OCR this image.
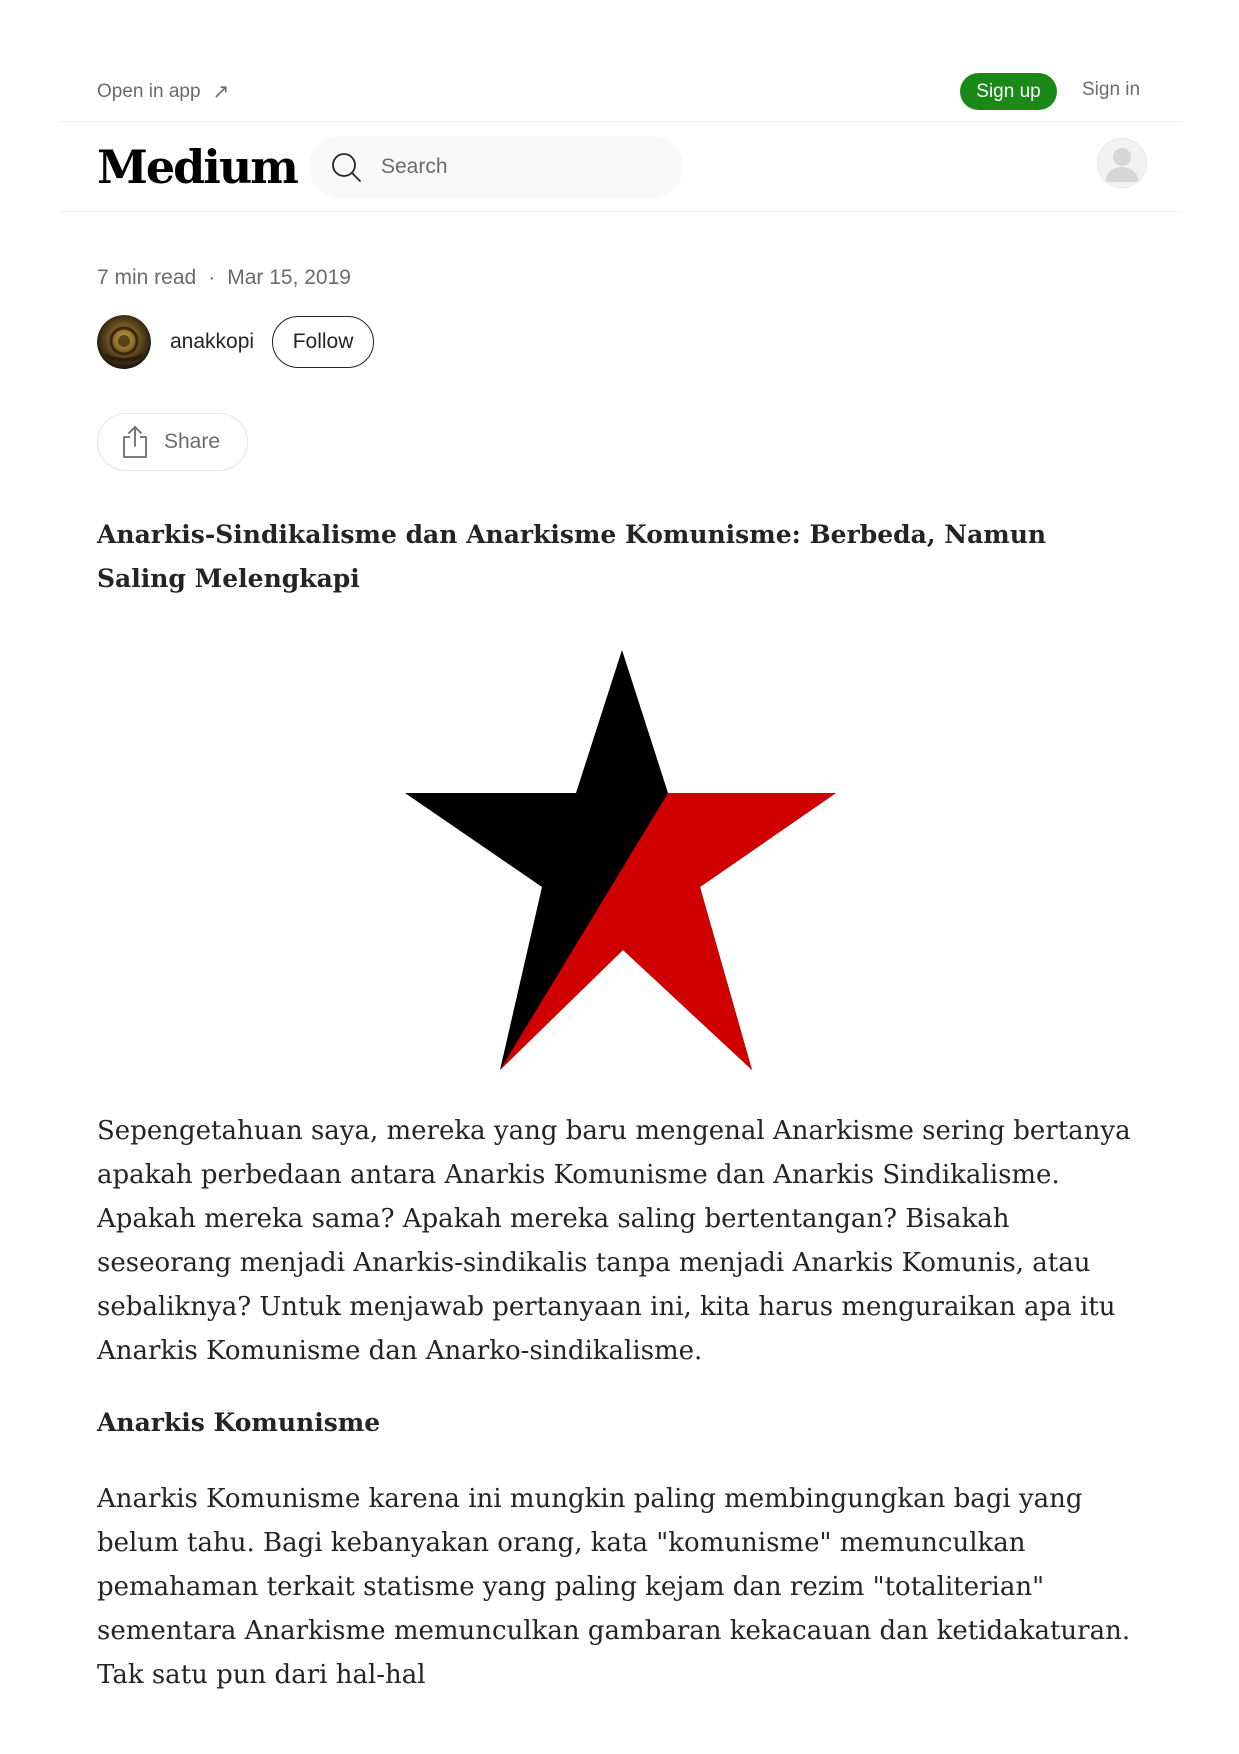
Open in app ↗	Sign up	Sign in
Medium
Search
7 min read · Mar 15, 2019
anakkopi	Follow
Share
Anarkis-Sindikalisme dan Anarkisme Komunisme: Berbeda, Namun Saling Melengkapi

Sepengetahuan saya, mereka yang baru mengenal Anarkisme sering bertanya apakah perbedaan antara Anarkis Komunisme dan Anarkis Sindikalisme. Apakah mereka sama? Apakah mereka saling bertentangan? Bisakah seseorang menjadi Anarkis-sindikalis tanpa menjadi Anarkis Komunis, atau sebaliknya? Untuk menjawab pertanyaan ini, kita harus menguraikan apa itu Anarkis Komunisme dan Anarko-sindikalisme.

Anarkis Komunisme

Anarkis Komunisme karena ini mungkin paling membingungkan bagi yang belum tahu. Bagi kebanyakan orang, kata "komunisme" memunculkan pemahaman terkait statisme yang paling kejam dan rezim "totaliterian" sementara Anarkisme memunculkan gambaran kekacauan dan ketidakaturan. Tak satu pun dari hal-hal
